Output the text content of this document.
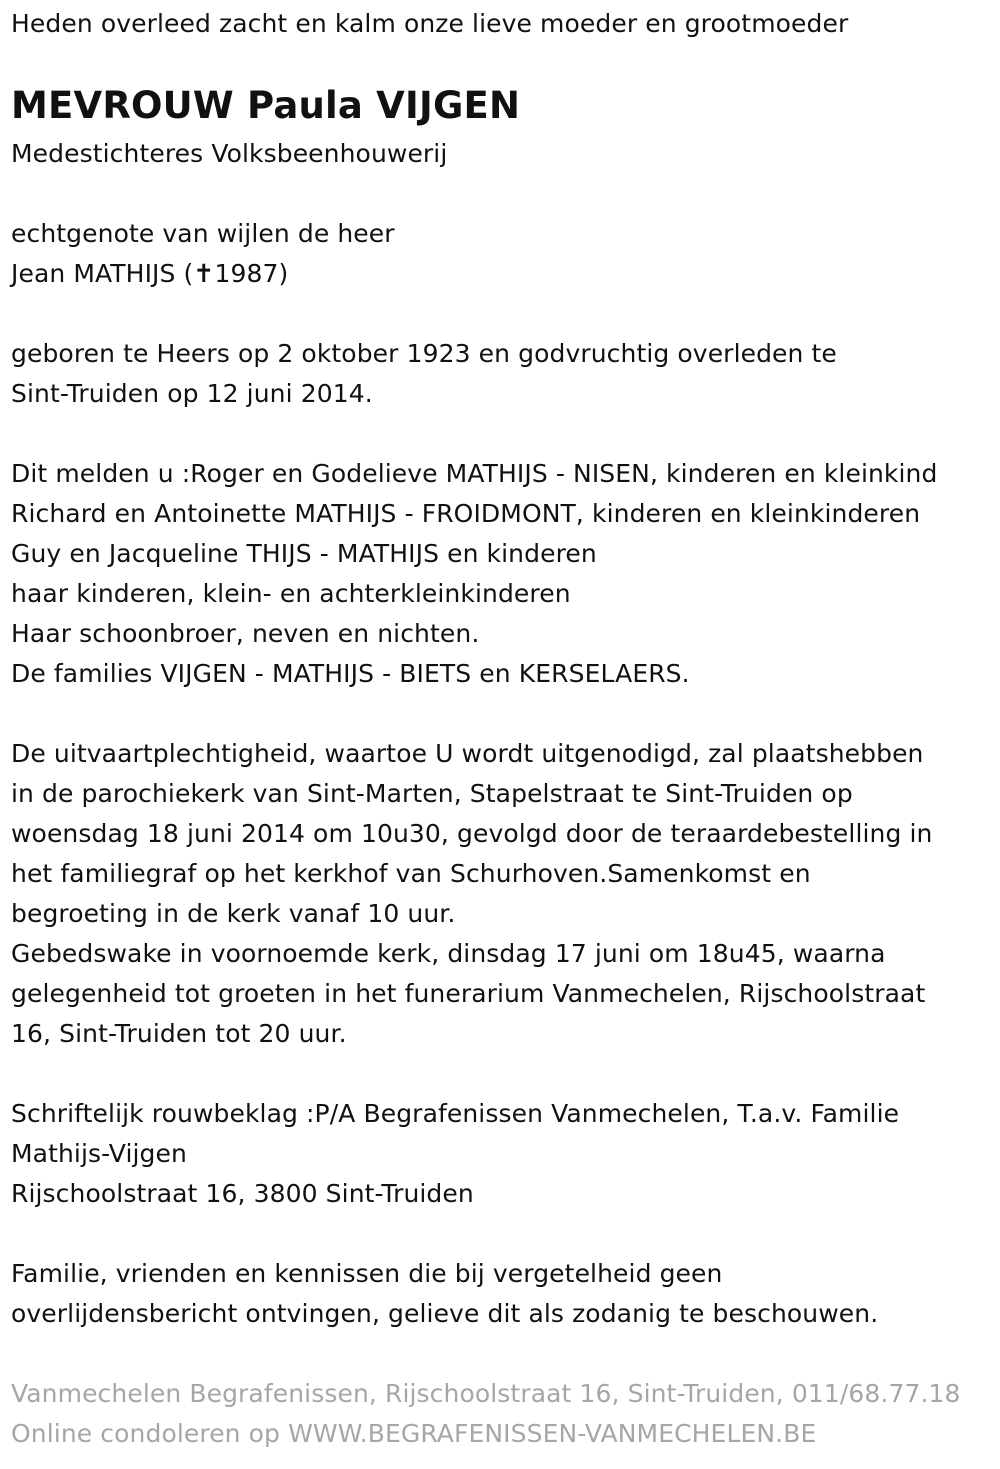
Heden overleed zacht en kalm onze lieve moeder en grootmoeder
MEVROUW Paula VIJGEN
Medestichteres Volksbeenhouwerij
echtgenote van wijlen de heer
Jean MATHIJS (✝1987)
geboren te Heers op 2 oktober 1923 en godvruchtig overleden te
Sint-Truiden op 12 juni 2014.
Dit melden u :Roger en Godelieve MATHIJS - NISEN, kinderen en kleinkind
Richard en Antoinette MATHIJS - FROIDMONT, kinderen en kleinkinderen
Guy en Jacqueline THIJS - MATHIJS en kinderen
haar kinderen, klein- en achterkleinkinderen
Haar schoonbroer, neven en nichten.
De families VIJGEN - MATHIJS - BIETS en KERSELAERS.
De uitvaartplechtigheid, waartoe U wordt uitgenodigd, zal plaatshebben
in de parochiekerk van Sint-Marten, Stapelstraat te Sint-Truiden op
woensdag 18 juni 2014 om 10u30, gevolgd door de teraardebestelling in
het familiegraf op het kerkhof van Schurhoven.Samenkomst en
begroeting in de kerk vanaf 10 uur.
Gebedswake in voornoemde kerk, dinsdag 17 juni om 18u45, waarna
gelegenheid tot groeten in het funerarium Vanmechelen, Rijschoolstraat
16, Sint-Truiden tot 20 uur.
Schriftelijk rouwbeklag :P/A Begrafenissen Vanmechelen, T.a.v. Familie
Mathijs-Vijgen
Rijschoolstraat 16, 3800 Sint-Truiden
Familie, vrienden en kennissen die bij vergetelheid geen
overlijdensbericht ontvingen, gelieve dit als zodanig te beschouwen.
Vanmechelen Begrafenissen, Rijschoolstraat 16, Sint-Truiden, 011/68.77.18
Online condoleren op WWW.BEGRAFENISSEN-VANMECHELEN.BE
